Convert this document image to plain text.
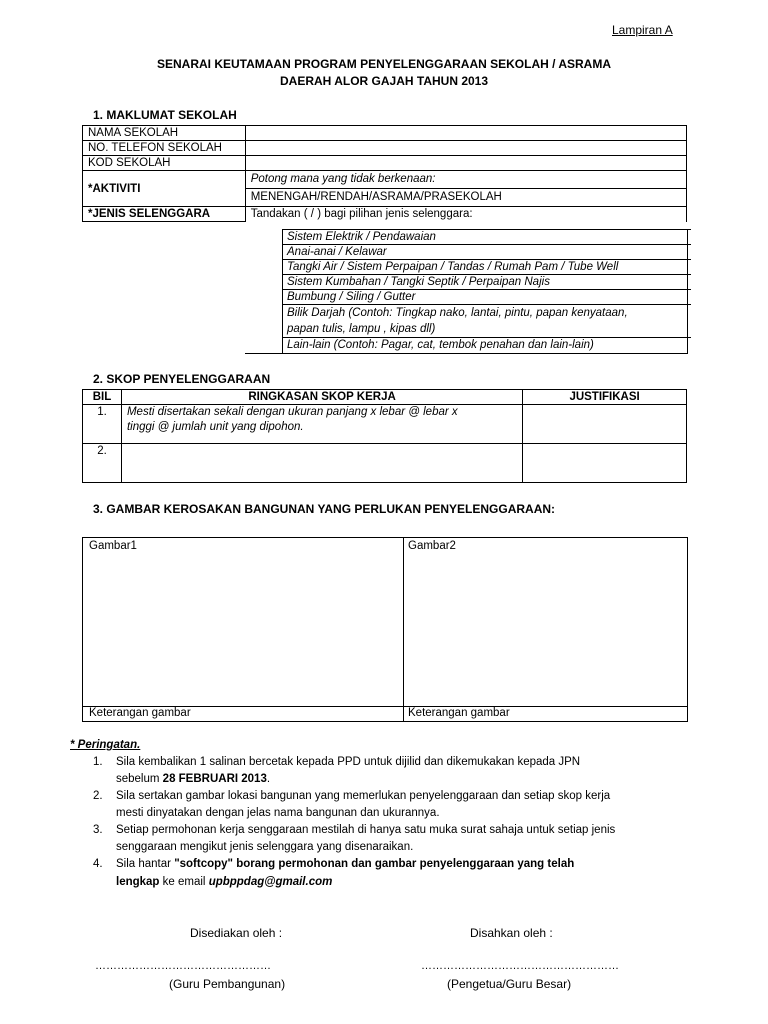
Lampiran A
SENARAI KEUTAMAAN PROGRAM PENYELENGGARAAN SEKOLAH / ASRAMA
DAERAH ALOR GAJAH TAHUN 2013
1. MAKLUMAT SEKOLAH
NAMA SEKOLAH	
NO. TELEFON SEKOLAH	
KOD SEKOLAH	
*AKTIVITI	Potong mana yang tidak berkenaan:
	MENENGAH/RENDAH/ASRAMA/PRASEKOLAH
*JENIS SELENGGARA	Tandakan ( / ) bagi pilihan jenis selenggara:
Sistem Elektrik / Pendawaian
Anai-anai / Kelawar
Tangki Air / Sistem Perpaipan / Tandas / Rumah Pam / Tube Well
Sistem Kumbahan / Tangki Septik / Perpaipan Najis
Bumbung / Siling / Gutter
Bilik Darjah (Contoh: Tingkap nako, lantai, pintu, papan kenyataan,
papan tulis, lampu , kipas dll)
Lain-lain (Contoh: Pagar, cat, tembok penahan dan lain-lain)
2. SKOP PENYELENGGARAAN
BIL	RINGKASAN SKOP KERJA	JUSTIFIKASI
1.	Mesti disertakan sekali dengan ukuran panjang x lebar @ lebar x
tinggi @ jumlah unit yang dipohon.	

2.		
3. GAMBAR KEROSAKAN BANGUNAN YANG PERLUKAN PENYELENGGARAAN:
Gambar1	Gambar2
Keterangan gambar	Keterangan gambar
* Peringatan.
1. Sila kembalikan 1 salinan bercetak kepada PPD untuk dijilid dan dikemukakan kepada JPN
sebelum 28 FEBRUARI 2013.
2. Sila sertakan gambar lokasi bangunan yang memerlukan penyelenggaraan dan setiap skop kerja
mesti dinyatakan dengan jelas nama bangunan dan ukurannya.
3. Setiap permohonan kerja senggaraan mestilah di hanya satu muka surat sahaja untuk setiap jenis
senggaraan mengikut jenis selenggara yang disenaraikan.
4. Sila hantar "softcopy" borang permohonan dan gambar penyelenggaraan yang telah
lengkap ke email upbppdag@gmail.com
Disediakan oleh :	Disahkan oleh :
…………………………………………	………………………………………………
(Guru Pembangunan)	(Pengetua/Guru Besar)
